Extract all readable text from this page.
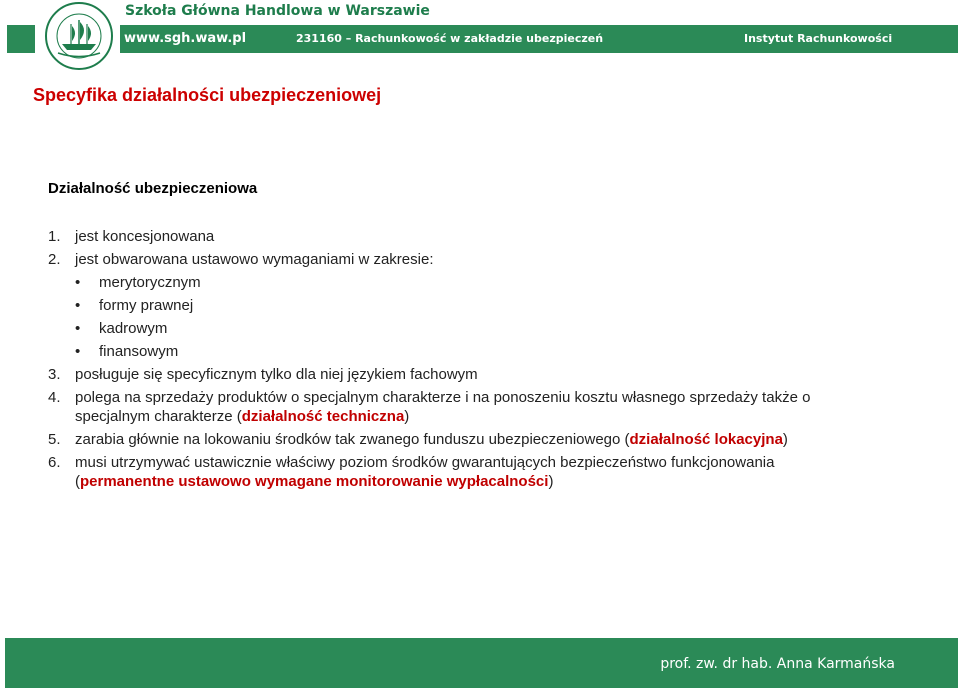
Szkoła Główna Handlowa w Warszawie
www.sgh.waw.pl	231160 – Rachunkowość w zakładzie ubezpieczeń	Instytut Rachunkowości
Specyfika działalności ubezpieczeniowej
Działalność ubezpieczeniowa
1. jest koncesjonowana
2. jest obwarowana ustawowo wymaganiami w zakresie:
• merytorycznym
• formy prawnej
• kadrowym
• finansowym
3. posługuje się specyficznym tylko dla niej językiem fachowym
4. polega na sprzedaży produktów o specjalnym charakterze i na ponoszeniu kosztu własnego sprzedaży także o specjalnym charakterze (działalność techniczna)
5. zarabia głównie na lokowaniu środków tak zwanego funduszu ubezpieczeniowego (działalność lokacyjna)
6. musi utrzymywać ustawicznie właściwy poziom środków gwarantujących bezpieczeństwo funkcjonowania (permanentne ustawowo wymagane monitorowanie wypłacalności)
prof. zw. dr hab. Anna Karmańska
